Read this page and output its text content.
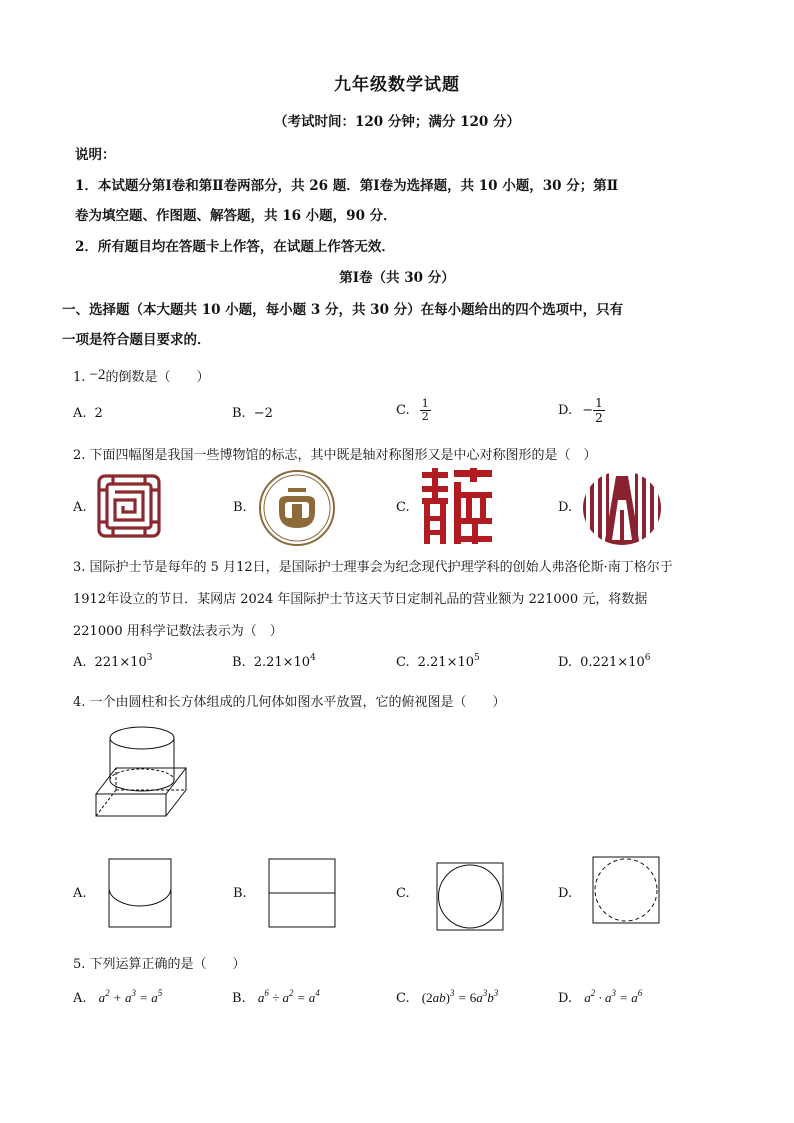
九年级数学试题
（考试时间：120 分钟；满分 120 分）
说明：
1．本试题分第Ⅰ卷和第Ⅱ卷两部分，共 26 题．第Ⅰ卷为选择题，共 10 小题，30 分；第Ⅱ
卷为填空题、作图题、解答题，共 16 小题，90 分．
2．所有题目均在答题卡上作答，在试题上作答无效．
第Ⅰ卷（共 30 分）
一、选择题（本大题共 10 小题，每小题 3 分，共 30 分）在每小题给出的四个选项中，只有
一项是符合题目要求的．
1. −2的倒数是（　　）
A. 2	B. −2	C. $\frac{1}{2}$	D. − $\frac{1}{2}$
2. 下面四幅图是我国一些博物馆的标志，其中既是轴对称图形又是中心对称图形的是（　）
A.	B.	C.	D.
3. 国际护士节是每年的 5 月12日，是国际护士理事会为纪念现代护理学科的创始人弗洛伦斯·南丁格尔于
1912年设立的节日．某网店 2024 年国际护士节这天节日定制礼品的营业额为 221000 元，将数据
221000 用科学记数法表示为（　）
A. $221\times 10^3$	B. $2.21\times 10^4$	C. $2.21\times 10^5$	D. $0.221\times 10^6$
4. 一个由圆柱和长方体组成的几何体如图水平放置，它的俯视图是（　　）
A.	B.	C.	D.
5. 下列运算正确的是（　　）
A. $a^2 + a^3 = a^5$	B. $a^6 \div a^2 = a^4$	C. $(2ab)^3 = 6a^3b^3$	D. $a^2 \cdot a^3 = a^6$
